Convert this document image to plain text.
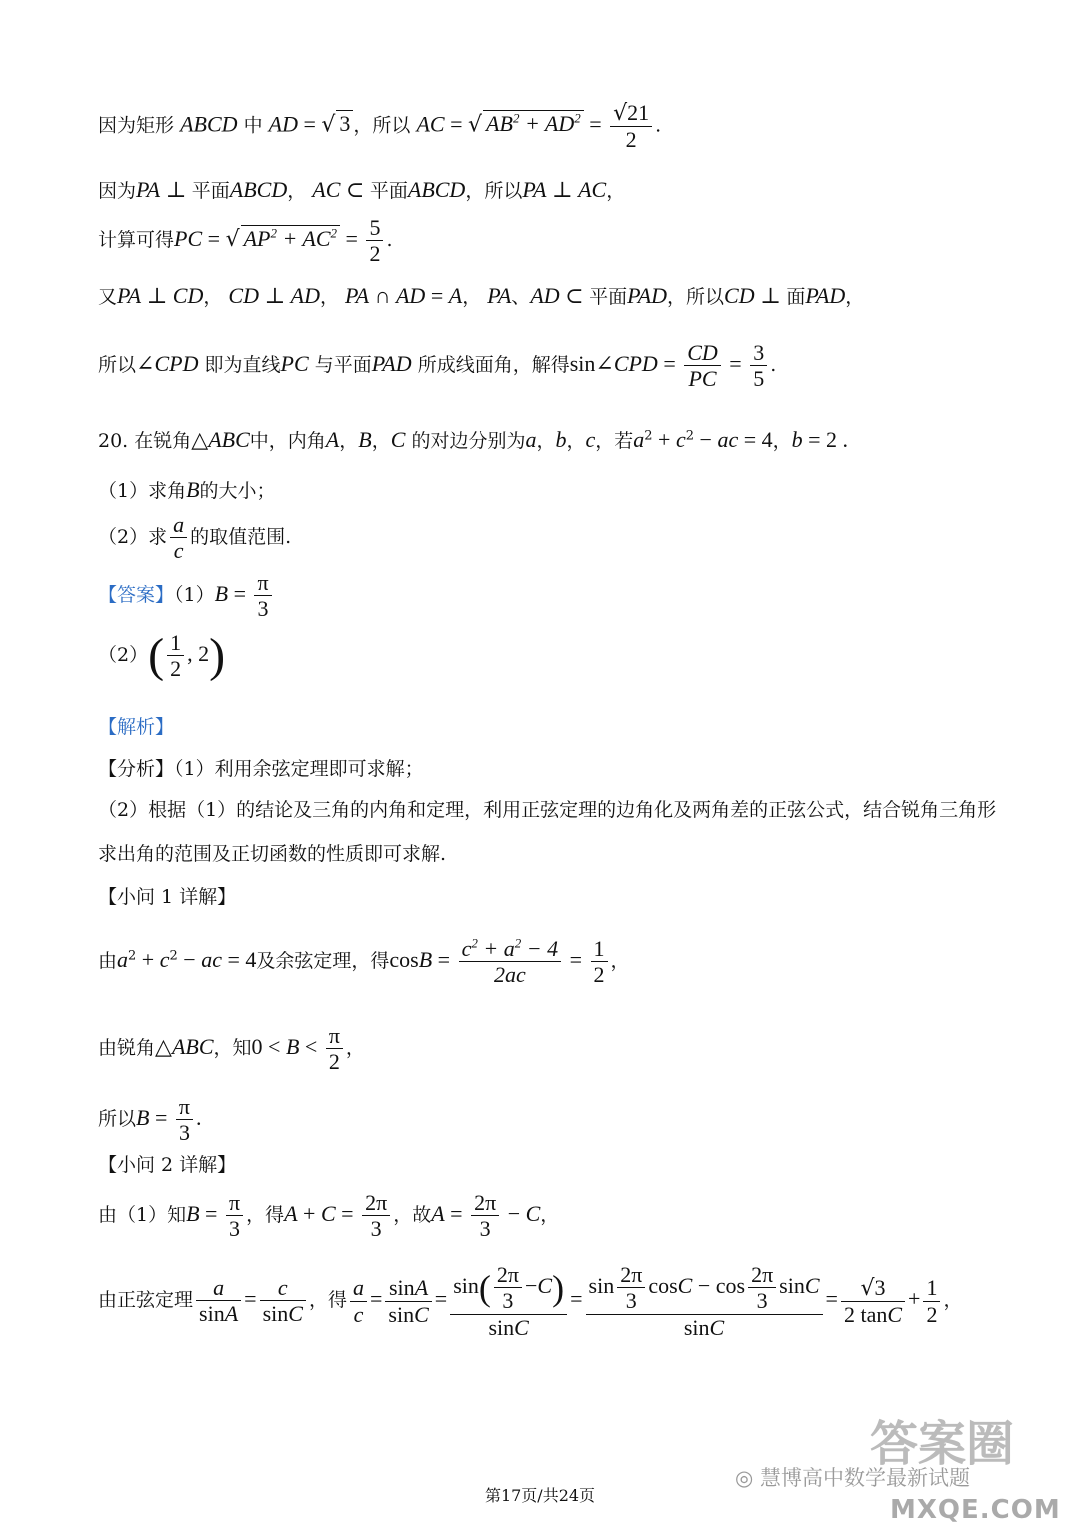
因为矩形 ABCD 中 AD = √ 3 ，所以 AC = √ $AB^2 + AD^2 = \frac{√21}{2}$ .
因为PA ⊥ 平面ABCD， AC ⊂ 平面ABCD，所以PA ⊥ AC，
计算可得PC = √ $AP^2 + AC^2 = \frac{5}{2}$ .
又PA ⊥ CD， CD ⊥ AD， PA ∩ AD = A， PA、AD ⊂ 平面PAD，所以CD ⊥ 面PAD，
所以∠CPD 即为直线PC 与平面PAD 所成线面角，解得sin∠CPD = $\frac{CD}{PC} = \frac{3}{5}$ .
20. 在锐角△ABC中，内角A，B，C 的对边分别为a，b，c，若$a^2 + c^2$ − ac = 4，b = 2 .
（1）求角B的大小；
（2）求 $\frac{a}{c}$ 的取值范围.
【答案】$(1)B = \frac{\pi}{3}$
$(2)( \frac{1}{2}$ , 2)
【解析】
【分析】（1）利用余弦定理即可求解；
（2）根据（1）的结论及三角的内角和定理，利用正弦定理的边角化及两角差的正弦公式，结合锐角三角形求出角的范围及正切函数的性质即可求解.
【小问 1 详解】
由$a^2 + c^2$ − ac = 4及余弦定理，得$\cos B = \frac{c^2 + a^2 - 4}{2ac} = \frac{1}{2}$ ，
由锐角△ABC，知$0 < B < \frac{\pi}{2}$ ，
所以$B = \frac{\pi}{3}$ .
【小问 2 详解】
由（1）知$B = \frac{\pi}{3}$ ，得$A + C = \frac{2\pi}{3}$ ，故$A = \frac{2\pi}{3} - C$，
由正弦定理 $\frac{a}{\sin A} = \frac{c}{\sin C}$ ，得 $\frac{a}{c} = \frac{\sin A}{\sin C} = \frac{\sin( \frac{2\pi}{3} -C)}{\sin C} = \frac{\sin \frac{2\pi}{3} \cos C - \cos \frac{2\pi}{3} \sin C}{\sin C} = \frac{√3}{2 \tan C} + \frac{1}{2}$ ，
第17页/共24页
答案圈
◎ 慧博高中数学最新试题
MXQE.COM
